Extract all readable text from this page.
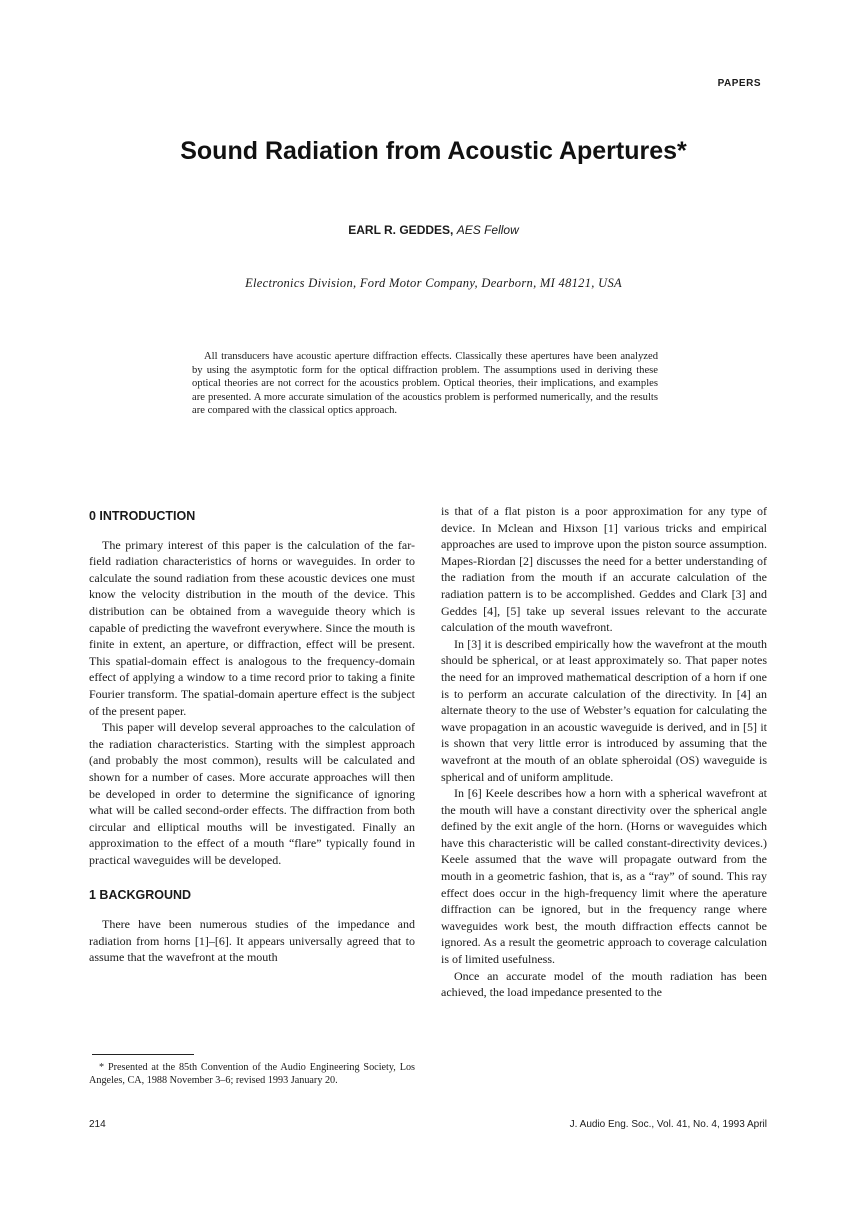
PAPERS
Sound Radiation from Acoustic Apertures*
EARL R. GEDDES, AES Fellow
Electronics Division, Ford Motor Company, Dearborn, MI 48121, USA

All transducers have acoustic aperture diffraction effects. Classically these apertures have been analyzed by using the asymptotic form for the optical diffraction problem. The assumptions used in deriving these optical theories are not correct for the acoustics problem. Optical theories, their implications, and examples are presented. A more accurate simulation of the acoustics problem is performed numerically, and the results are compared with the classical optics approach.

0 INTRODUCTION

The primary interest of this paper is the calculation of the far-field radiation characteristics of horns or waveguides. In order to calculate the sound radiation from these acoustic devices one must know the velocity distribution in the mouth of the device. This distribution can be obtained from a waveguide theory which is capable of predicting the wavefront everywhere. Since the mouth is finite in extent, an aperture, or diffraction, effect will be present. This spatial-domain effect is analogous to the frequency-domain effect of applying a window to a time record prior to taking a finite Fourier transform. The spatial-domain aperture effect is the subject of the present paper.

This paper will develop several approaches to the calculation of the radiation characteristics. Starting with the simplest approach (and probably the most common), results will be calculated and shown for a number of cases. More accurate approaches will then be developed in order to determine the significance of ignoring what will be called second-order effects. The diffraction from both circular and elliptical mouths will be investigated. Finally an approximation to the effect of a mouth “flare” typically found in practical waveguides will be developed.

1 BACKGROUND

There have been numerous studies of the impedance and radiation from horns [1]–[6]. It appears universally agreed that to assume that the wavefront at the mouth

is that of a flat piston is a poor approximation for any type of device. In Mclean and Hixson [1] various tricks and empirical approaches are used to improve upon the piston source assumption. Mapes-Riordan [2] discusses the need for a better understanding of the radiation from the mouth if an accurate calculation of the radiation pattern is to be accomplished. Geddes and Clark [3] and Geddes [4], [5] take up several issues relevant to the accurate calculation of the mouth wavefront.

In [3] it is described empirically how the wavefront at the mouth should be spherical, or at least approximately so. That paper notes the need for an improved mathematical description of a horn if one is to perform an accurate calculation of the directivity. In [4] an alternate theory to the use of Webster’s equation for calculating the wave propagation in an acoustic waveguide is derived, and in [5] it is shown that very little error is introduced by assuming that the wavefront at the mouth of an oblate spheroidal (OS) waveguide is spherical and of uniform amplitude.

In [6] Keele describes how a horn with a spherical wavefront at the mouth will have a constant directivity over the spherical angle defined by the exit angle of the horn. (Horns or waveguides which have this characteristic will be called constant-directivity devices.) Keele assumed that the wave will propagate outward from the mouth in a geometric fashion, that is, as a “ray” of sound. This ray effect does occur in the high-frequency limit where the aperature diffraction can be ignored, but in the frequency range where waveguides work best, the mouth diffraction effects cannot be ignored. As a result the geometric approach to coverage calculation is of limited usefulness.

Once an accurate model of the mouth radiation has been achieved, the load impedance presented to the

* Presented at the 85th Convention of the Audio Engineering Society, Los Angeles, CA, 1988 November 3–6; revised 1993 January 20.

214	J. Audio Eng. Soc., Vol. 41, No. 4, 1993 April
